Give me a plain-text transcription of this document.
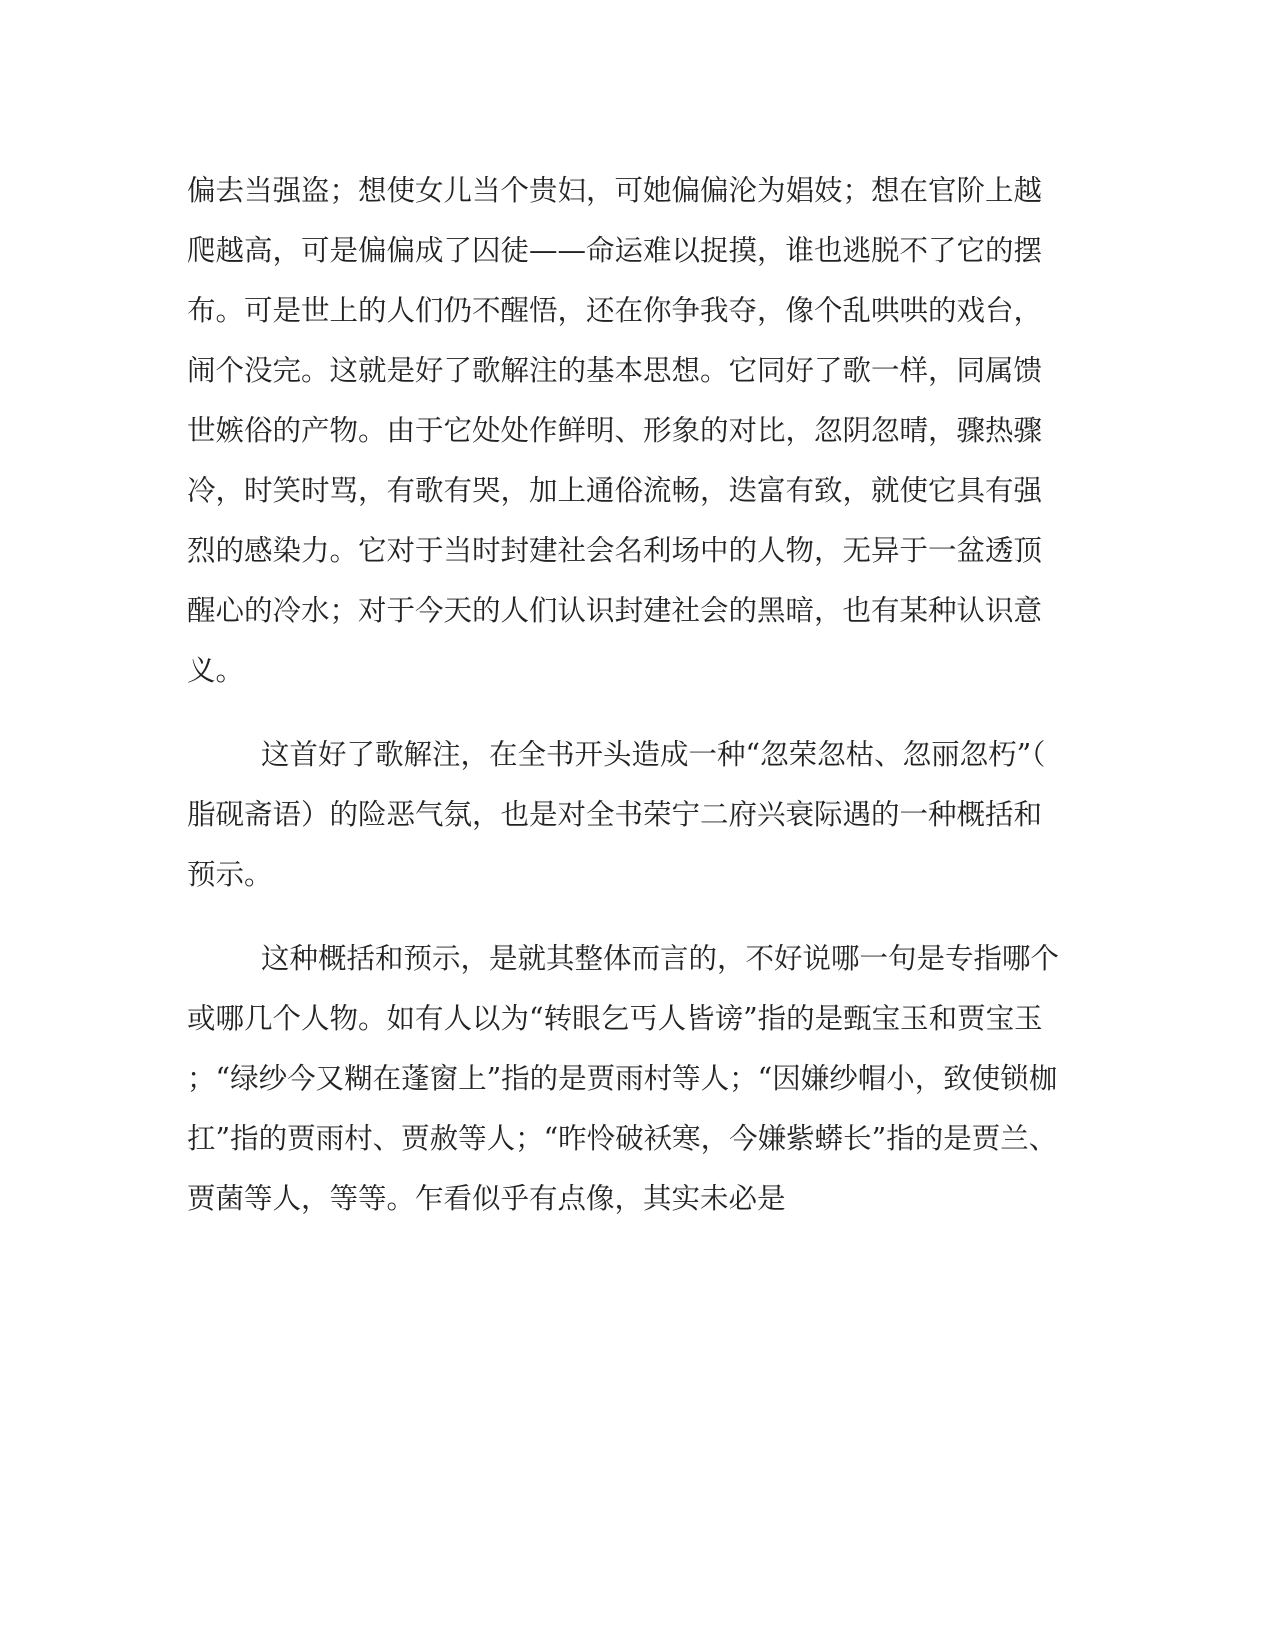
偏去当强盗；想使女儿当个贵妇，可她偏偏沦为娼妓；想在官阶上越
爬越高，可是偏偏成了囚徒——命运难以捉摸，谁也逃脱不了它的摆
布。可是世上的人们仍不醒悟，还在你争我夺，像个乱哄哄的戏台，
闹个没完。这就是好了歌解注的基本思想。它同好了歌一样，同属馈
世嫉俗的产物。由于它处处作鲜明、形象的对比，忽阴忽晴，骤热骤
冷，时笑时骂，有歌有哭，加上通俗流畅，迭富有致，就使它具有强
烈的感染力。它对于当时封建社会名利场中的人物，无异于一盆透顶
醒心的冷水；对于今天的人们认识封建社会的黑暗，也有某种认识意
义。
这首好了歌解注，在全书开头造成一种“忽荣忽枯、忽丽忽朽”（
脂砚斋语）的险恶气氛，也是对全书荣宁二府兴衰际遇的一种概括和
预示。
这种概括和预示，是就其整体而言的，不好说哪一句是专指哪个
或哪几个人物。如有人以为“转眼乞丐人皆谤”指的是甄宝玉和贾宝玉
；“绿纱今又糊在蓬窗上”指的是贾雨村等人；“因嫌纱帽小，致使锁枷
扛”指的贾雨村、贾赦等人；“昨怜破袄寒，今嫌紫蟒长”指的是贾兰、
贾菌等人，等等。乍看似乎有点像，其实未必是
